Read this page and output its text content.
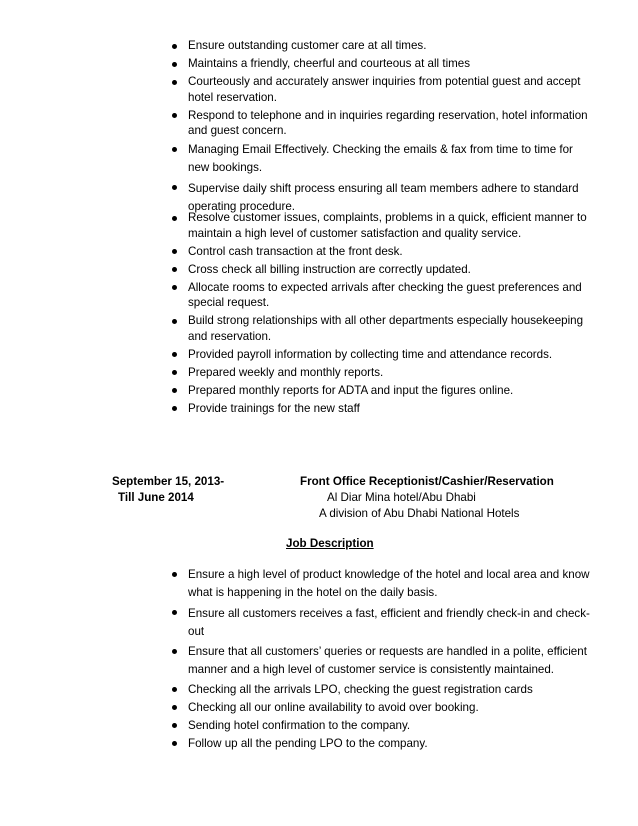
Ensure outstanding customer care at all times.
Maintains a friendly, cheerful and courteous at all times
Courteously and accurately answer inquiries from potential guest and accept hotel reservation.
Respond to telephone and in inquiries regarding reservation, hotel information and guest concern.
Managing Email Effectively. Checking the emails & fax from time to time for new bookings.
Supervise daily shift process ensuring all team members adhere to standard operating procedure.
Resolve customer issues, complaints, problems in a quick, efficient manner to maintain a high level of customer satisfaction and quality service.
Control cash transaction at the front desk.
Cross check all billing instruction are correctly updated.
Allocate rooms to expected arrivals after checking the guest preferences and special request.
Build strong relationships with all other departments especially housekeeping and reservation.
Provided payroll information by collecting time and attendance records.
Prepared weekly and monthly reports.
Prepared monthly reports for ADTA and input the figures online.
Provide trainings for the new staff
September 15, 2013-
Till June 2014
Front Office Receptionist/Cashier/Reservation
Al Diar Mina hotel/Abu Dhabi
A division of Abu Dhabi National Hotels
Job Description
Ensure a high level of product knowledge of the hotel and local area and know what is happening in the hotel on the daily basis.
Ensure all customers receives a fast, efficient and friendly check-in and check-out
Ensure that all customers’ queries or requests are handled in a polite, efficient manner and a high level of customer service is consistently maintained.
Checking all the arrivals LPO, checking the guest registration cards
Checking all our online availability to avoid over booking.
Sending hotel confirmation to the company.
Follow up all the pending LPO to the company.
